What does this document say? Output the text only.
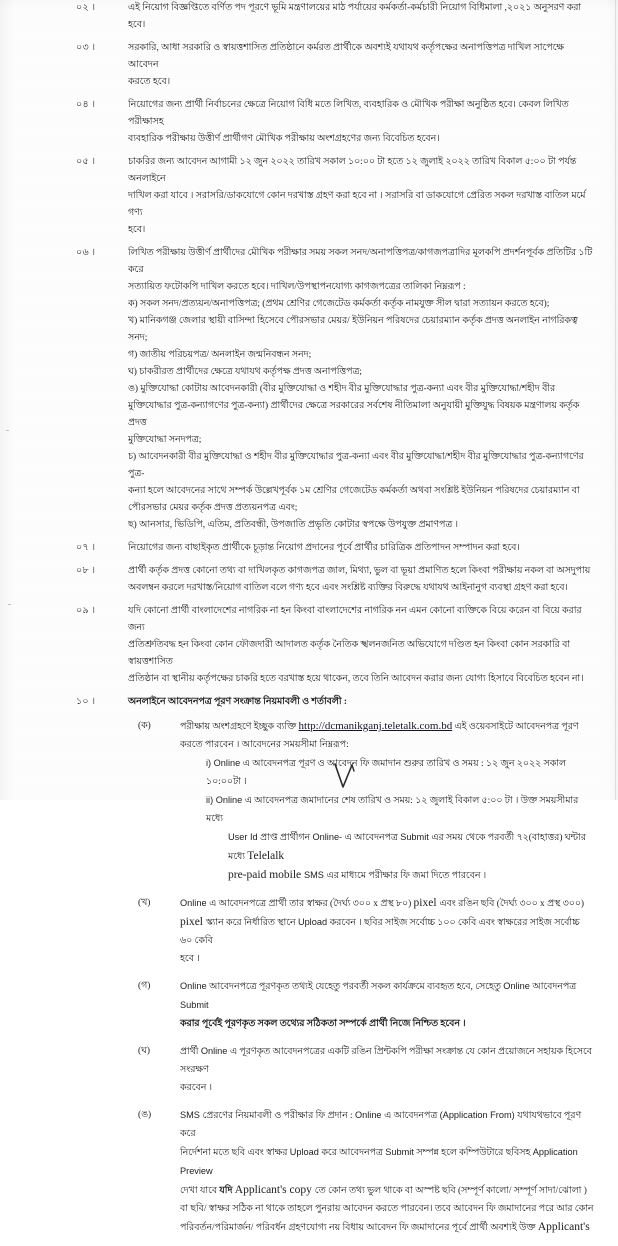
০২ ।	এই নিয়োগ বিজ্ঞপ্তিতে বর্ণিত পদ পূরণে ভূমি মন্ত্রণালয়ের মাঠ পর্যায়ের কর্মকর্তা-কর্মচারী নিয়োগ বিধিমালা ,২০২১ অনুসরণ করা হবে।

০৩ ।	সরকারি, আধা সরকারি ও স্বায়ত্তশাসিত প্রতিষ্ঠানে কর্মরত প্রার্থীকে অবশ্যই যথাযথ কর্তৃপক্ষের অনাপত্তিপত্র দাখিল সাপেক্ষে আবেদন

করতে হবে।

০৪ ।	নিয়োগের জন্য প্রার্থী নির্বাচনের ক্ষেত্রে নিয়োগ বিধি মতে লিখিত, ব্যবহারিক ও মৌখিক পরীক্ষা অনুষ্ঠিত হবে। কেবল লিখিত পরীক্ষাসহ

ব্যবহারিক পরীক্ষায় উত্তীর্ণ প্রার্থীগণ মৌখিক পরীক্ষায় অংশগ্রহণের জন্য বিবেচিত হবেন।

০৫ ।	চাকরির জন্য আবেদন আগামী ১২ জুন ২০২২ তারিখ সকাল ১০:০০ টা হতে ১২ জুলাই ২০২২ তারিখ বিকাল ৫:০০ টা পর্যন্ত অনলাইনে

দাখিল করা যাবে । সরাসরি/ডাকযোগে কোন দরখাস্ত গ্রহণ করা হবে না । সরাসরি বা ডাকযোগে প্রেরিত সকল দরখাস্ত বাতিল মর্মে গণ্য

হবে।

০৬ ।	লিখিত পরীক্ষায় উত্তীর্ণ প্রার্থীদের মৌখিক পরীক্ষার সময় সকল সনদ/অনাপত্তিপত্র/কাগজপত্রাদির মূলকপি প্রদর্শনপূর্বক প্রতিটির ১টি করে

সত্যায়িত ফটোকপি দাখিল করতে হবে। দাখিল/উপস্থাপনযোগ্য কাগজপত্রের তালিকা নিম্নরূপ :

ক) সকল সনদ/প্রত্যয়ন/অনাপত্তিপত্র; (প্রথম শ্রেণির গেজেটেড কর্মকর্তা কর্তৃক নামযুক্ত সীল দ্বারা সত্যায়ন করতে হবে);

খ) মানিকগঞ্জ জেলার স্থায়ী বাসিন্দা হিসেবে পৌরসভার মেয়র/ ইউনিয়ন পরিষদের চেয়ারম্যান কর্তৃক প্রদত্ত অনলাইন নাগরিকত্ব সনদ;

গ) জাতীয় পরিচয়পত্র/ অনলাইন জন্মনিবন্ধন সনদ;

ঘ) চাকরীরত প্রার্থীদের ক্ষেত্রে যথাযথ কর্তৃপক্ষ প্রদত্ত অনাপত্তিপত্র;

ঙ) মুক্তিযোদ্ধা কোটায় আবেদনকারী (বীর মুক্তিযোদ্ধা ও শহীদ বীর মুক্তিযোদ্ধার পুত্র-কন্যা এবং বীর মুক্তিযোদ্ধা/শহীদ বীর

মুক্তিযোদ্ধার পুত্র-কন্যাগণের পুত্র-কন্যা) প্রার্থীদের ক্ষেত্রে সরকারের সর্বশেষ নীতিমালা অনুযায়ী মুক্তিযুদ্ধ বিষয়ক মন্ত্রণালয় কর্তৃক প্রদত্ত

মুক্তিযোদ্ধা সনদপত্র;

চ) আবেদনকারী বীর মুক্তিযোদ্ধা ও শহীদ বীর মুক্তিযোদ্ধার পুত্র-কন্যা এবং বীর মুক্তিযোদ্ধা/শহীদ বীর মুক্তিযোদ্ধার পুত্র-কন্যাগণের পুত্র-

কন্যা হলে আবেদনের সাথে সম্পর্ক উল্লেখপূর্বক ১ম শ্রেণির গেজেটেড কর্মকর্তা অথবা সংশ্লিষ্ট ইউনিয়ন পরিষদের চেয়ারম্যান বা

পৌরসভার মেয়র কর্তৃক প্রদত্ত প্রত্যয়নপত্র এবং;

ছ) আনসার, ভিডিপি, এতিম, প্রতিবন্ধী, উপজাতি প্রভৃতি কোটার স্বপক্ষে উপযুক্ত প্রমাণপত্র ।

০৭ ।	নিয়োগের জন্য বাছাইকৃত প্রার্থীকে চূড়ান্ত নিয়োগ প্রদানের পূর্বে প্রার্থীর চারিত্রিক প্রতিপাদন সম্পাদন করা হবে।

০৮ ।	প্রার্থী কর্তৃক প্রদত্ত কোনো তথ্য বা দাখিলকৃত কাগজপত্র জাল, মিথ্যা, ভুল বা ভূয়া প্রমাণিত হলে কিংবা পরীক্ষায় নকল বা অসদুপায়

অবলম্বন করলে দরখাস্ত/নিয়োগ বাতিল বলে গণ্য হবে এবং সংশ্লিষ্ট ব্যক্তির বিরুদ্ধে যথাযথ আইনানুগ ব্যবস্থা গ্রহণ করা হবে।

০৯ ।	যদি কোনো প্রার্থী বাংলাদেশের নাগরিক না হন কিংবা বাংলাদেশের নাগরিক নন এমন কোনো ব্যক্তিকে বিয়ে করেন বা বিয়ে করার জন্য

প্রতিশ্রুতিবদ্ধ হন কিংবা কোন ফৌজদারী আদালত কর্তৃক নৈতিক স্খলনজনিত অভিযোগে দণ্ডিত হন কিংবা কোন সরকারি বা স্বায়ত্তশাসিত

প্রতিষ্ঠান বা স্থানীয় কর্তৃপক্ষের চাকরি হতে বরখাস্ত হয়ে থাকেন, তবে তিনি আবেদন করার জন্য যোগ্য হিসাবে বিবেচিত হবেন না।

১০ ।	অনলাইনে আবেদনপত্র পূরণ সংক্রান্ত নিয়মাবলী ও শর্তাবলী :

(ক)	পরীক্ষায় অংশগ্রহণে ইচ্ছুক ব্যক্তি http://dcmanikganj.teletalk.com.bd এই ওয়েবসাইটে আবেদনপত্র পূরণ

করতে পারবেন । আবেদনের সময়সীমা নিম্নরূপ:

i) Online এ আবেদনপত্র পূরণ ও আবেদন ফি জমাদান শুরুর তারিখ ও সময় : ১২ জুন ২০২২ সকাল ১০:০০টা ।

ii) Online এ আবেদনপত্র জমাদানের শেষ তারিখ ও সময়: ১২ জুলাই বিকাল ৫:০০ টা । উক্ত সময়সীমার মধ্যে

User Id প্রাপ্ত প্রার্থীগন Online- এ আবেদনপত্র Submit এর সময় থেকে পরবর্তী ৭২(বাহাত্তর) ঘন্টার মধ্যে Telelalk

pre-paid mobile SMS এর মাধ্যমে পরীক্ষার ফি জমা দিতে পারবেন ।

(খ)	Online এ আবেদনপত্রে প্রার্থী তার স্বাক্ষর (দৈর্ঘ্য ৩০০ x প্রস্থ ৮০) pixel এবং রঙিন ছবি (দৈর্ঘ্য ৩০০ x প্রস্থ ৩০০)

pixel স্ক্যান করে নির্ধারিত স্থানে Upload করবেন । ছবির সাইজ সর্বোচ্চ ১০০ কেবি এবং স্বাক্ষরের সাইজ সর্বোচ্চ ৬০ কেবি

হবে ।

(গ)	Online আবেদনপত্রে পূরণকৃত তথ্যই যেহেতু পরবর্তী সকল কার্যক্রমে ব্যবহৃত হবে, সেহেতু Online আবেদনপত্র Submit

করার পূর্বেই পূরণকৃত সকল তথ্যের সঠিকতা সম্পর্কে প্রার্থী নিজে নিশ্চিত হবেন ।

(ঘ)	প্রার্থী Online এ পূরণকৃত আবেদনপত্রের একটি রঙিন প্রিন্টকপি পরীক্ষা সংক্রান্ত যে কোন প্রয়োজনে সহায়ক হিসেবে সংরক্ষণ

করবেন ।

(ঙ)	SMS প্রেরণের নিয়মাবলী ও পরীক্ষার ফি প্রদান : Online এ আবেদনপত্র (Application From) যথাযথভাবে পূরণ করে

নির্দেশনা মতে ছবি এবং স্বাক্ষর Upload করে আবেদনপত্র Submit সম্পন্ন হলে কম্পিউটারে ছবিসহ Application Preview

দেখা যাবে যদি Applicant's copy তে কোন তথ্য ভুল থাকে বা অস্পষ্ট ছবি (সম্পূর্ণ কালো/ সম্পূর্ণ সাদা/ঝোলা )

বা ছবি/ স্বাক্ষর সঠিক না থাকে তাহলে পুনরায় আবেদন করতে পারবেন। তবে আবেদন ফি জমাদানের পরে আর কোন

পরিবর্তন/পরিমার্জন/ পরিবর্ধন গ্রহণযোগ্য নয় বিধায় আবেদন ফি জমাদানের পূর্বে প্রার্থী অবশ্যই উক্ত Applicant's
